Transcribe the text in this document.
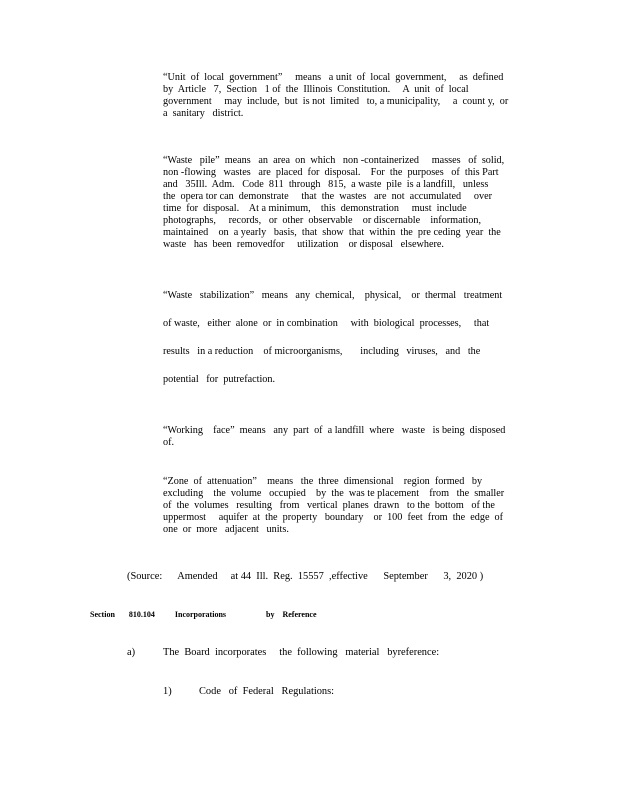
“Unit  of  local  government”     means   a unit  of  local  government,     as  defined
by  Article   7,  Section   1 of  the  Illinois  Constitution.     A  unit  of  local
government     may  include,  but  is not  limited   to, a municipality,     a  count y,  or
a  sanitary   district.
“Waste   pile”  means   an  area  on  which   non -containerized     masses   of  solid,
non -flowing   wastes   are  placed  for  disposal.    For  the  purposes   of  this Part
and   35Ill.  Adm.   Code  811  through   815,  a waste  pile  is a landfill,   unless
the  opera tor can  demonstrate     that  the  wastes   are  not  accumulated     over
time  for  disposal.    At a minimum,    this  demonstration     must  include
photographs,     records,   or  other  observable    or discernable    information,
maintained    on  a yearly   basis,  that  show  that  within  the  pre ceding  year  the
waste   has  been  removedfor     utilization    or disposal   elsewhere.
“Waste   stabilization”   means   any  chemical,    physical,    or  thermal   treatment
of waste,   either  alone  or  in combination     with  biological  processes,     that
results   in a reduction    of microorganisms,       including   viruses,   and   the
potential   for  putrefaction.
“Working    face”  means   any  part  of  a landfill  where   waste   is being  disposed
of.
“Zone  of  attenuation”    means   the  three  dimensional    region  formed   by
excluding    the  volume   occupied    by  the  was te placement    from   the  smaller
of  the  volumes   resulting   from   vertical  planes  drawn   to the  bottom   of the
uppermost     aquifer  at  the  property   boundary    or  100  feet  from  the  edge  of
one  or  more   adjacent   units.
(Source:      Amended     at 44  Ill.  Reg.  15557  ,effective      September      3,  2020 )
Section       810.104          Incorporations                    by    Reference
a)	The  Board  incorporates     the  following   material   byreference:
1)	Code   of  Federal   Regulations:
